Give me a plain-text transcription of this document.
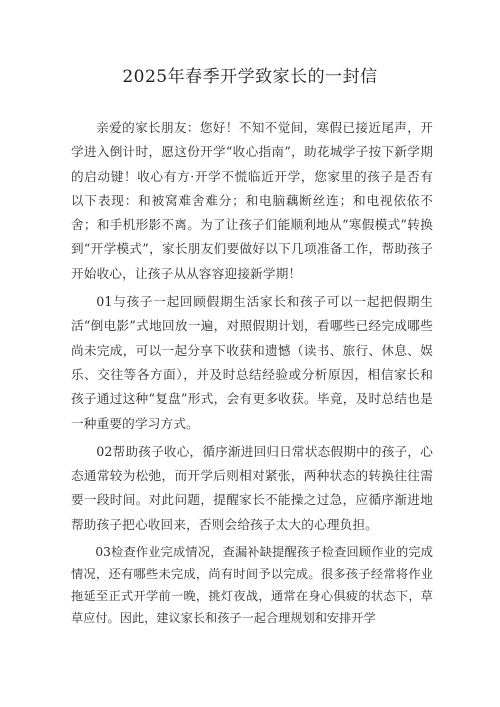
2025年春季开学致家长的一封信

亲爱的家长朋友：您好！不知不觉间，寒假已接近尾声，开学进入倒计时，愿这份开学“收心指南”，助花城学子按下新学期的启动键！收心有方·开学不慌临近开学，您家里的孩子是否有以下表现：和被窝难舍难分；和电脑藕断丝连；和电视依依不舍；和手机形影不离。为了让孩子们能顺利地从“寒假模式”转换到“开学模式”，家长朋友们要做好以下几项准备工作，帮助孩子开始收心，让孩子从从容容迎接新学期！

01与孩子一起回顾假期生活家长和孩子可以一起把假期生活“倒电影”式地回放一遍，对照假期计划，看哪些已经完成哪些尚未完成，可以一起分享下收获和遗憾（读书、旅行、休息、娱乐、交往等各方面），并及时总结经验或分析原因，相信家长和孩子通过这种“复盘”形式，会有更多收获。毕竟，及时总结也是一种重要的学习方式。

02帮助孩子收心，循序渐进回归日常状态假期中的孩子，心态通常较为松弛，而开学后则相对紧张，两种状态的转换往往需要一段时间。对此问题，提醒家长不能操之过急，应循序渐进地帮助孩子把心收回来，否则会给孩子太大的心理负担。

03检查作业完成情况，查漏补缺提醒孩子检查回顾作业的完成情况，还有哪些未完成，尚有时间予以完成。很多孩子经常将作业拖延至正式开学前一晚，挑灯夜战，通常在身心俱疲的状态下，草草应付。因此，建议家长和孩子一起合理规划和安排开学
